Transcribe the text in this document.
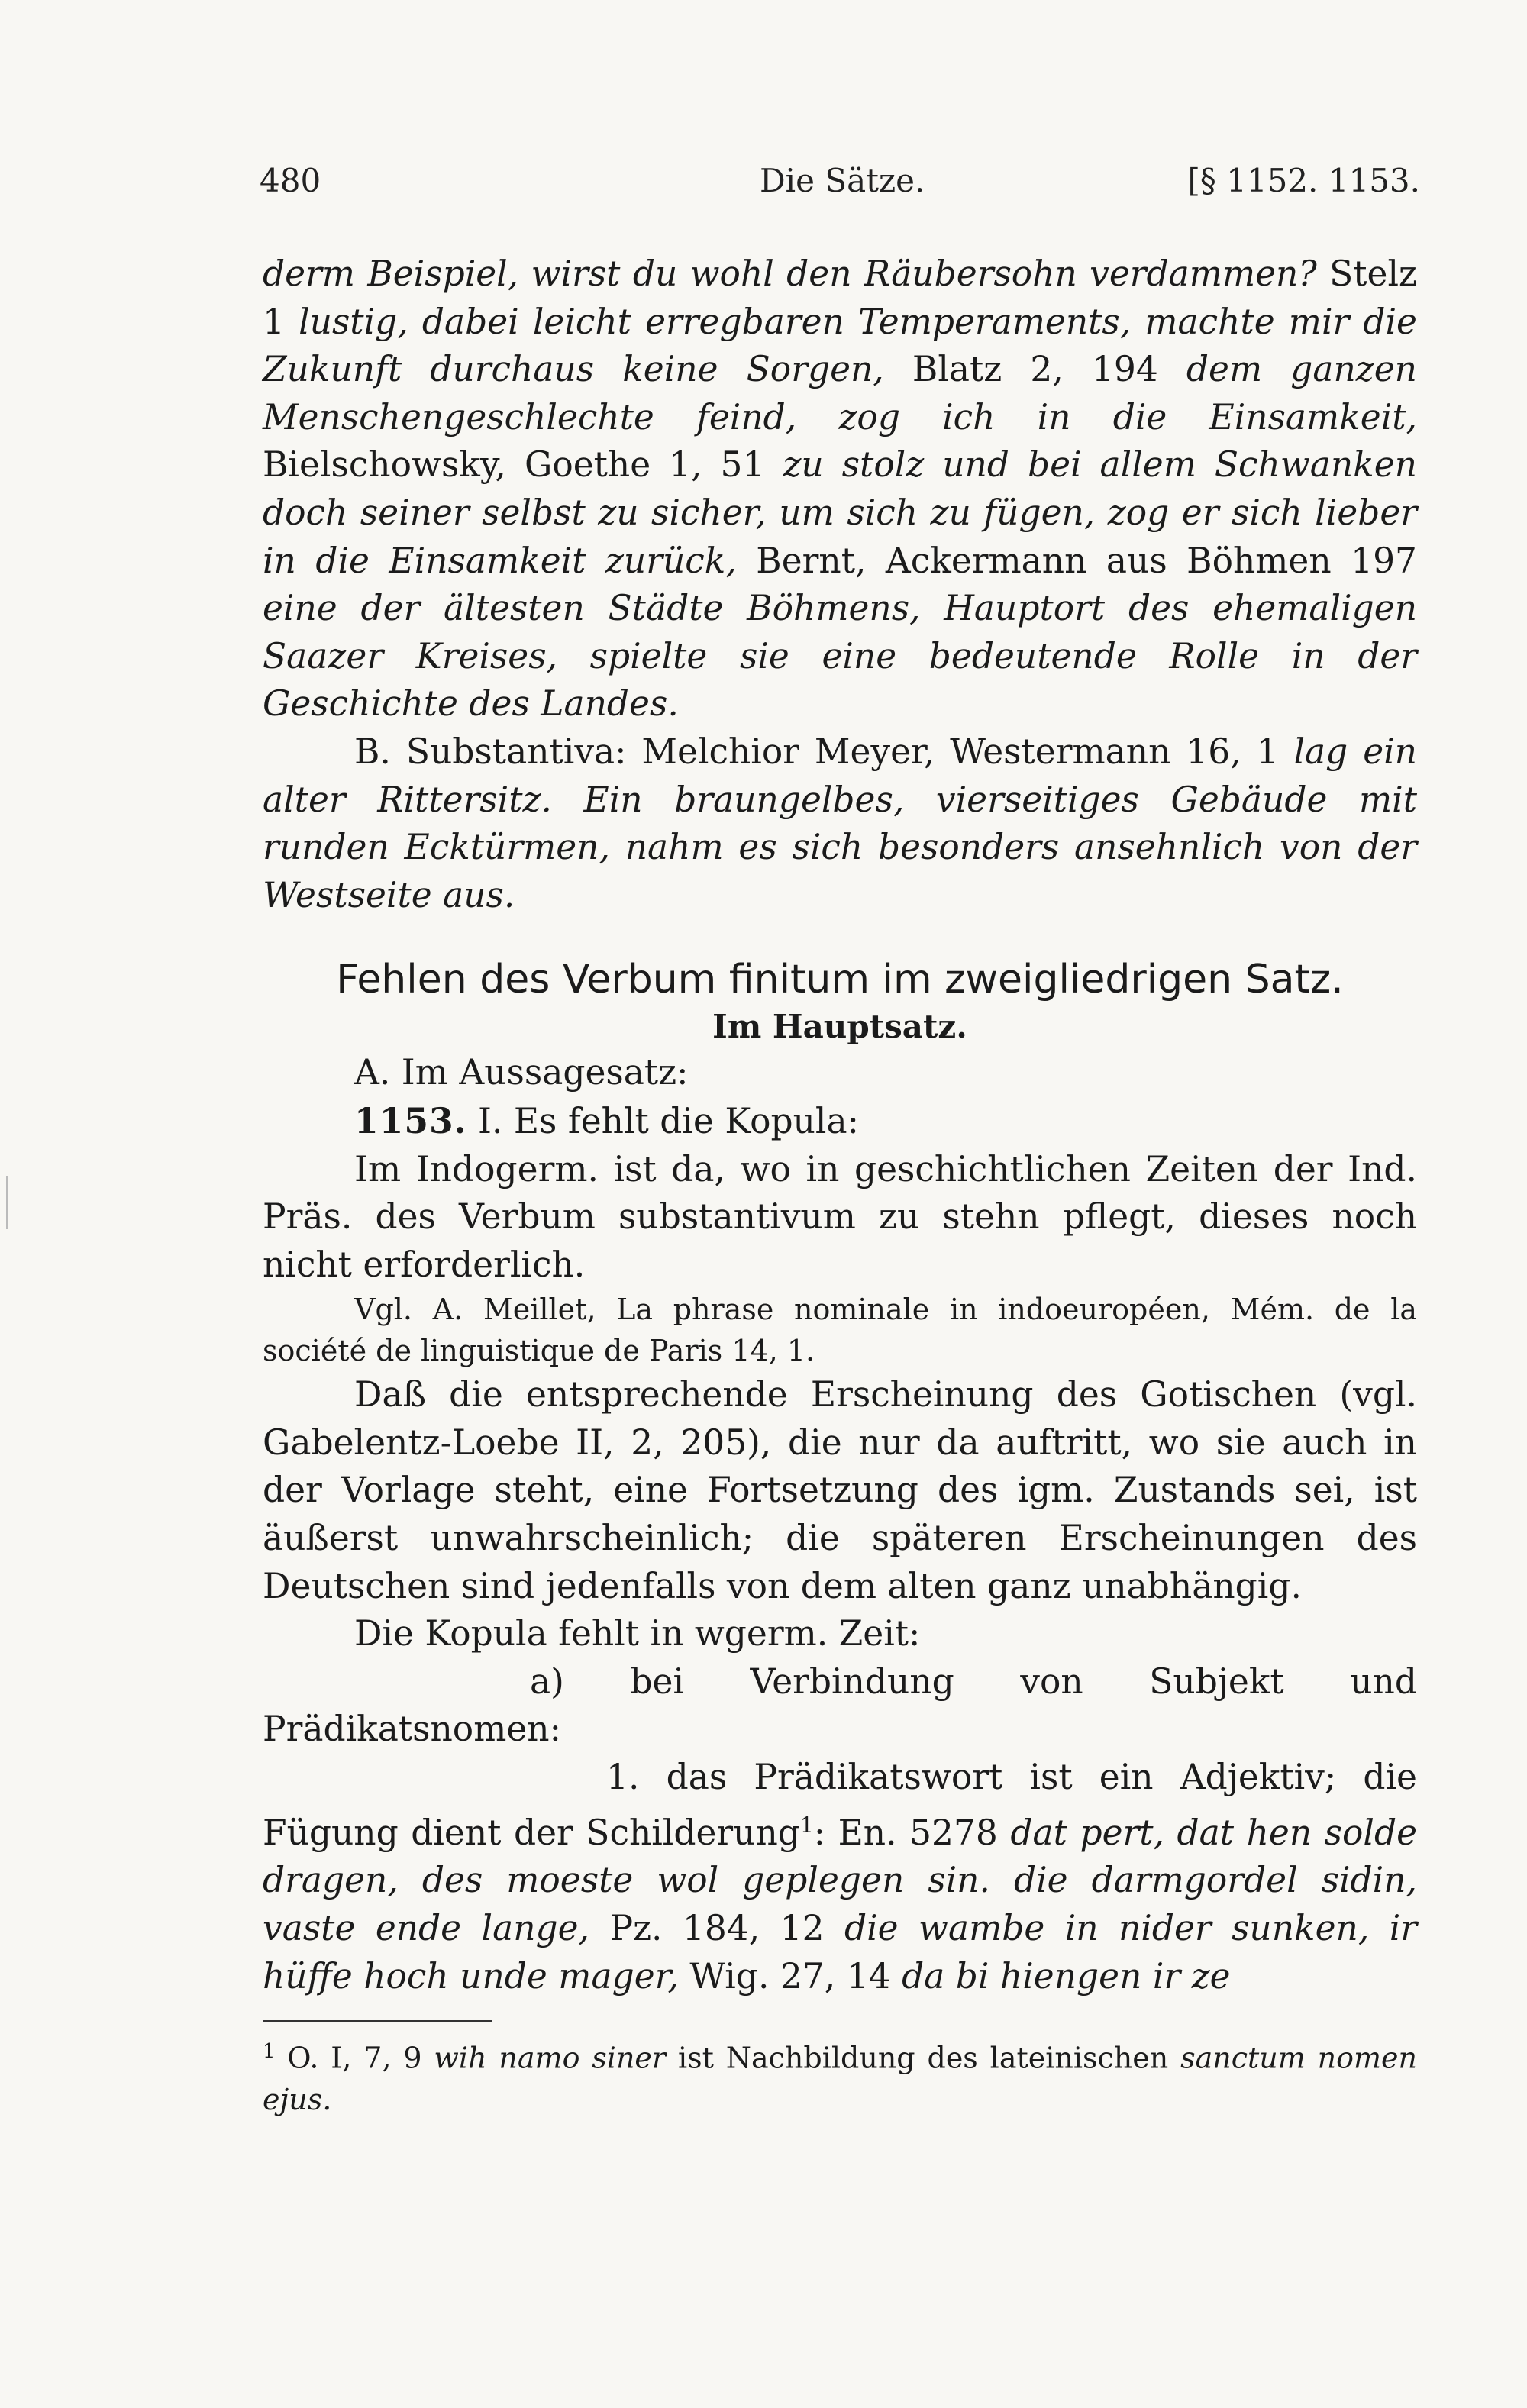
480	Die Sätze.	[§ 1152. 1153.

derm Beispiel, wirst du wohl den Räubersohn verdammen? Stelz 1 lustig, dabei leicht erregbaren Temperaments, machte mir die Zukunft durchaus keine Sorgen, Blatz 2, 194 dem ganzen Menschengeschlechte feind, zog ich in die Einsamkeit, Bielschowsky, Goethe 1, 51 zu stolz und bei allem Schwanken doch seiner selbst zu sicher, um sich zu fügen, zog er sich lieber in die Einsamkeit zurück, Bernt, Ackermann aus Böhmen 197 eine der ältesten Städte Böhmens, Hauptort des ehemaligen Saazer Kreises, spielte sie eine bedeutende Rolle in der Geschichte des Landes.

B. Substantiva: Melchior Meyer, Westermann 16, 1 lag ein alter Rittersitz. Ein braungelbes, vierseitiges Gebäude mit runden Ecktürmen, nahm es sich besonders ansehnlich von der Westseite aus.

Fehlen des Verbum finitum im zweigliedrigen Satz.
Im Hauptsatz.

A. Im Aussagesatz:

1153. I. Es fehlt die Kopula:

Im Indogerm. ist da, wo in geschichtlichen Zeiten der Ind. Präs. des Verbum substantivum zu stehn pflegt, dieses noch nicht erforderlich.

Vgl. A. Meillet, La phrase nominale in indoeuropéen, Mém. de la société de linguistique de Paris 14, 1.

Daß die entsprechende Erscheinung des Gotischen (vgl. Gabelentz-Loebe II, 2, 205), die nur da auftritt, wo sie auch in der Vorlage steht, eine Fortsetzung des igm. Zustands sei, ist äußerst unwahrscheinlich; die späteren Erscheinungen des Deutschen sind jedenfalls von dem alten ganz unabhängig.

Die Kopula fehlt in wgerm. Zeit:

a) bei Verbindung von Subjekt und Prädikatsnomen:

1. das Prädikatswort ist ein Adjektiv; die Fügung dient der Schilderung$^1$: En. 5278 dat pert, dat hen solde dragen, des moeste wol geplegen sin. die darmgordel sidin, vaste ende lange, Pz. 184, 12 die wambe in nider sunken, ir hüffe hoch unde mager, Wig. 27, 14 da bi hiengen ir ze

$^1$ O. I, 7, 9 wih namo siner ist Nachbildung des lateinischen sanctum nomen ejus.
